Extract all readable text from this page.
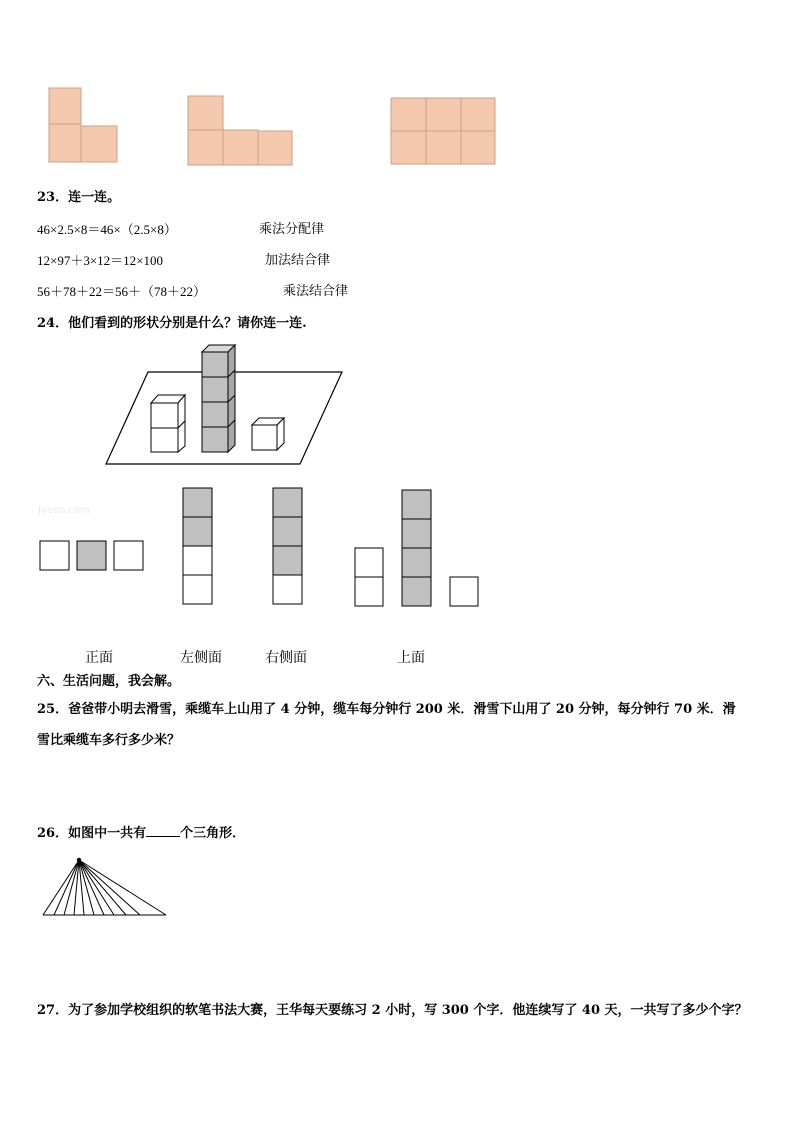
23．连一连。
46×2.5×8＝46×（2.5×8）
12×97＋3×12＝12×100
56＋78＋22＝56＋（78＋22）
乘法分配律
加法结合律
乘法结合律
24．他们看到的形状分别是什么？请你连一连.
Jyeoo.com
正面	左侧面	右侧面	上面
六、生活问题，我会解。
25．爸爸带小明去滑雪，乘缆车上山用了 4 分钟，缆车每分钟行 200 米．滑雪下山用了 20 分钟，每分钟行 70 米．滑
雪比乘缆车多行多少米？
26．如图中一共有	个三角形．
27．为了参加学校组织的软笔书法大赛，王华每天要练习 2 小时，写 300 个字．他连续写了 40 天，一共写了多少个字？
